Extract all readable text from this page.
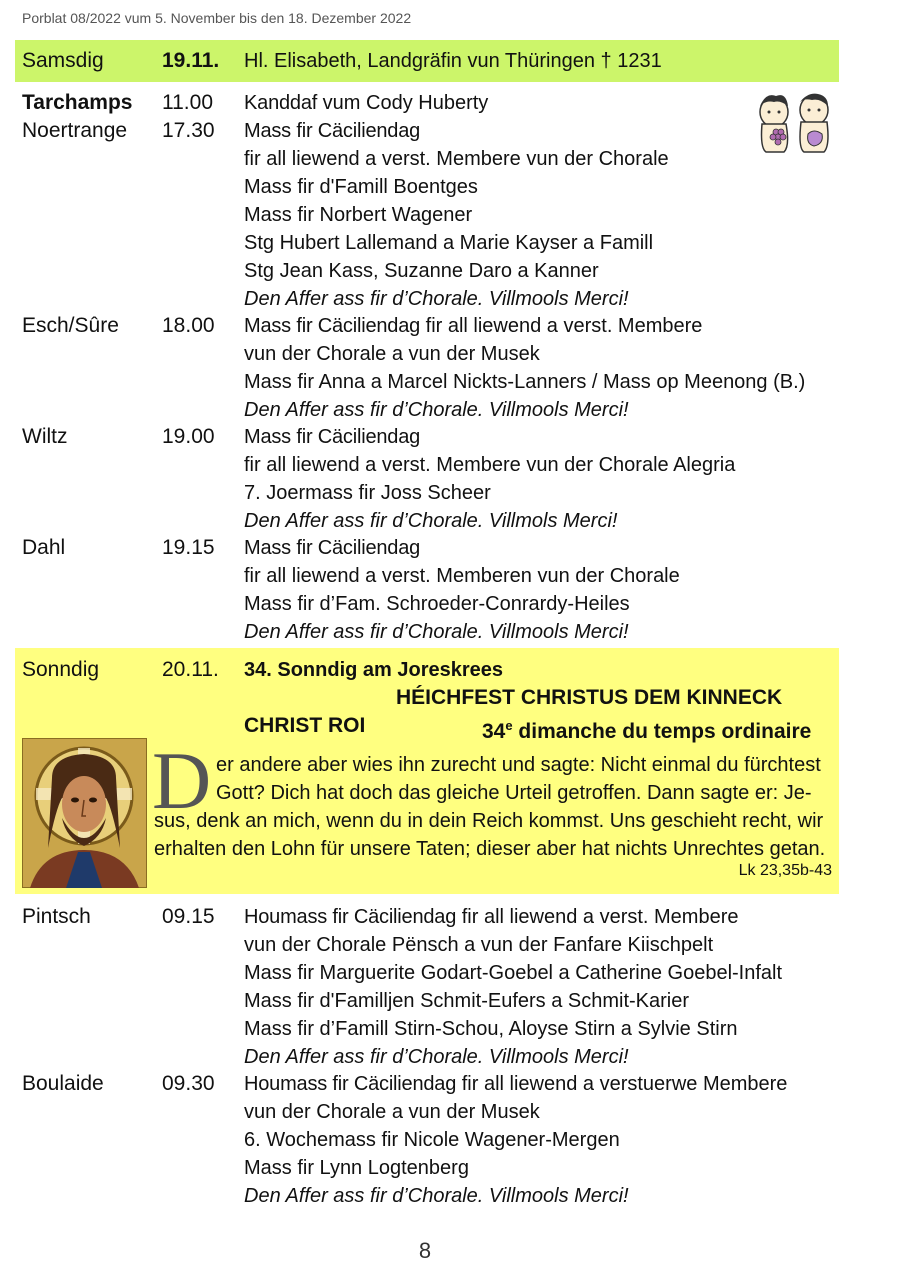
Porblat 08/2022 vum 5. November bis den 18. Dezember 2022
Samsdig	19.11.	Hl. Elisabeth, Landgräfin vun Thüringen † 1231
Tarchamps	11.00	Kanddaf vum Cody Huberty
Noertrange	17.30	Mass fir Cäciliendag
fir all liewend a verst. Membere vun der Chorale
Mass fir d'Famill Boentges
Mass fir Norbert Wagener
Stg Hubert Lallemand a Marie Kayser a Famill
Stg Jean Kass, Suzanne Daro a Kanner
Den Affer ass fir d’Chorale. Villmools Merci!
Esch/Sûre	18.00	Mass fir Cäciliendag fir all liewend a verst. Membere
vun der Chorale a vun der Musek
Mass fir Anna a Marcel Nickts-Lanners / Mass op Meenong (B.)
Den Affer ass fir d’Chorale. Villmools Merci!
Wiltz	19.00	Mass fir Cäciliendag
fir all liewend a verst. Membere vun der Chorale Alegria
7. Joermass fir Joss Scheer
Den Affer ass fir d’Chorale. Villmols Merci!
Dahl	19.15	Mass fir Cäciliendag
fir all liewend a verst. Memberen vun der Chorale
Mass fir d’Fam. Schroeder-Conrardy-Heiles
Den Affer ass fir d’Chorale. Villmools Merci!
Sonndig	20.11.	34. Sonndig am Joreskrees
HÉICHFEST CHRISTUS DEM KINNECK
CHRIST ROI	34e dimanche du temps ordinaire
D er andere aber wies ihn zurecht und sagte: Nicht einmal du fürchtest
Gott? Dich hat doch das gleiche Urteil getroffen. Dann sagte er: Je-
sus, denk an mich, wenn du in dein Reich kommst. Uns geschieht recht, wir
erhalten den Lohn für unsere Taten; dieser aber hat nichts Unrechtes getan.
Lk 23,35b-43
Pintsch	09.15	Houmass fir Cäciliendag fir all liewend a verst. Membere
vun der Chorale Pënsch a vun der Fanfare Kiischpelt
Mass fir Marguerite Godart-Goebel a Catherine Goebel-Infalt
Mass fir d'Familljen Schmit-Eufers a Schmit-Karier
Mass fir d’Famill Stirn-Schou, Aloyse Stirn a Sylvie Stirn
Den Affer ass fir d’Chorale. Villmools Merci!
Boulaide	09.30	Houmass fir Cäciliendag fir all liewend a verstuerwe Membere
vun der Chorale a vun der Musek
6. Wochemass fir Nicole Wagener-Mergen
Mass fir Lynn Logtenberg
Den Affer ass fir d’Chorale. Villmools Merci!
8
